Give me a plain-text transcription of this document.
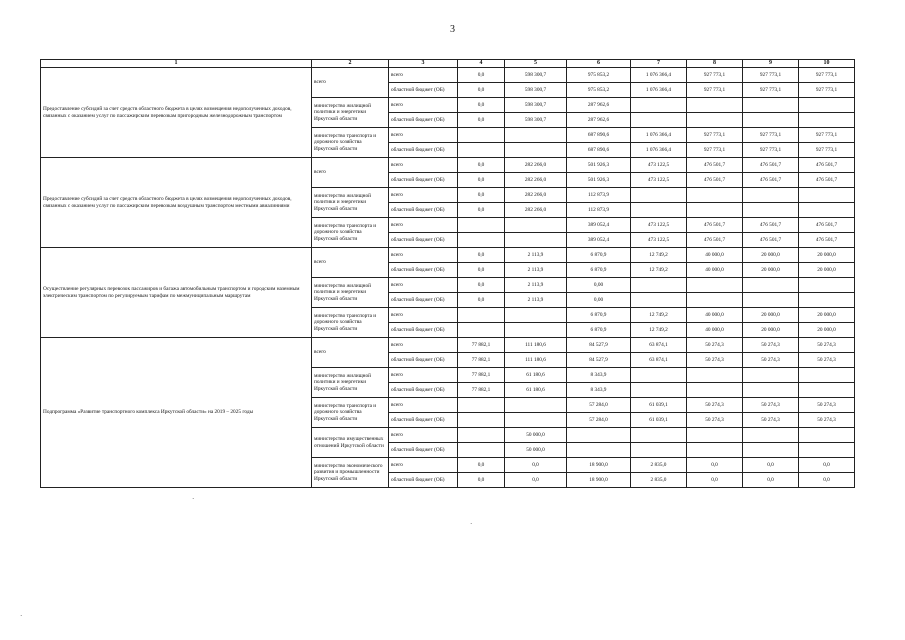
3
1	2	3	4	5	6	7	8	9	10
Предоставление субсидий за счет средств областного бюджета в целях возмещения недополученных доходов, связанных с оказанием услуг по пассажирским перевозкам пригородным железнодорожным транспортом	всего	всего	0,0	598 300,7	975 853,2	1 076 366,4	927 773,1	927 773,1	927 773,1
		областной бюджет (ОБ)	0,0	598 300,7	975 853,2	1 076 366,4	927 773,1	927 773,1	927 773,1
	министерство жилищной политики и энергетики Иркутской области	всего	0,0	598 300,7	287 962,6				
		областной бюджет (ОБ)	0,0	598 300,7	287 962,6				
	министерство транспорта и дорожного хозяйства Иркутской области	всего			687 890,6	1 076 366,4	927 773,1	927 773,1	927 773,1
		областной бюджет (ОБ)			687 890,6	1 076 366,4	927 773,1	927 773,1	927 773,1
Предоставление субсидий за счет средств областного бюджета в целях возмещения недополученных доходов, связанных с оказанием услуг по пассажирским перевозкам воздушным транспортом местными авиалиниями	всего	всего	0,0	282 266,0	501 926,3	473 122,5	476 501,7	476 501,7	476 501,7
		областной бюджет (ОБ)	0,0	282 266,0	501 926,3	473 122,5	476 501,7	476 501,7	476 501,7
	министерство жилищной политики и энергетики Иркутской области	всего	0,0	282 266,0	112 873,9				
		областной бюджет (ОБ)	0,0	282 266,0	112 873,9				
	министерство транспорта и дорожного хозяйства Иркутской области	всего			389 052,4	473 122,5	476 501,7	476 501,7	476 501,7
		областной бюджет (ОБ)			389 052,4	473 122,5	476 501,7	476 501,7	476 501,7
Осуществление регулярных перевозок пассажиров и багажа автомобильным транспортом и городским наземным электрическим транспортом по регулируемым тарифам по межмуниципальным маршрутам	всего	всего	0,0	2 113,9	6 870,9	12 749,2	40 000,0	20 000,0	20 000,0
		областной бюджет (ОБ)	0,0	2 113,9	6 870,9	12 749,2	40 000,0	20 000,0	20 000,0
	министерство жилищной политики и энергетики Иркутской области	всего	0,0	2 113,9	0,00				
		областной бюджет (ОБ)	0,0	2 113,9	0,00				
	министерство транспорта и дорожного хозяйства Иркутской области	всего			6 870,9	12 749,2	40 000,0	20 000,0	20 000,0
		областной бюджет (ОБ)			6 870,9	12 749,2	40 000,0	20 000,0	20 000,0
Подпрограмма «Развитие транспортного комплекса Иркутской области» на 2019 – 2025 годы	всего	всего	77 882,1	111 180,6	84 527,9	63 874,1	50 274,3	50 274,3	50 274,3
		областной бюджет (ОБ)	77 882,1	111 180,6	84 527,9	63 874,1	50 274,3	50 274,3	50 274,3
	министерство жилищной политики и энергетики Иркутской области	всего	77 882,1	61 180,6	8 343,9				
		областной бюджет (ОБ)	77 882,1	61 180,6	8 343,9				
	министерство транспорта и дорожного хозяйства Иркутской области	всего			57 284,0	61 039,1	50 274,3	50 274,3	50 274,3
		областной бюджет (ОБ)			57 284,0	61 039,1	50 274,3	50 274,3	50 274,3
	министерство имущественных отношений Иркутской области	всего		50 000,0					
		областной бюджет (ОБ)		50 000,0					
	министерство экономического развития и промышленности Иркутской области	всего	0,0	0,0	18 900,0	2 835,0	0,0	0,0	0,0
		областной бюджет (ОБ)	0,0	0,0	18 900,0	2 835,0	0,0	0,0	0,0
·
·
·
